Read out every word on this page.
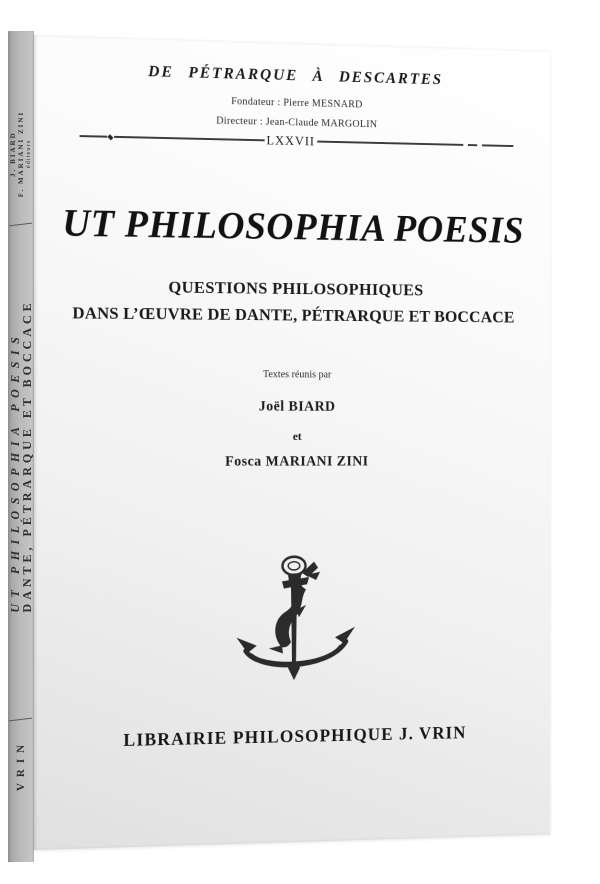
J. BIARD F. MARIANI ZINI éditeurs
UT PHILOSOPHIA POESIS
DANTE, PÉTRARQUE ET BOCCACE
VRIN
DE PÉTRARQUE À DESCARTES
Fondateur : Pierre MESNARD
Directeur : Jean-Claude MARGOLIN
LXXVII
UT PHILOSOPHIA POESIS
QUESTIONS PHILOSOPHIQUES
DANS L’ŒUVRE DE DANTE, PÉTRARQUE ET BOCCACE
Textes réunis par
Joël BIARD
et
Fosca MARIANI ZINI
LIBRAIRIE PHILOSOPHIQUE J. VRIN
